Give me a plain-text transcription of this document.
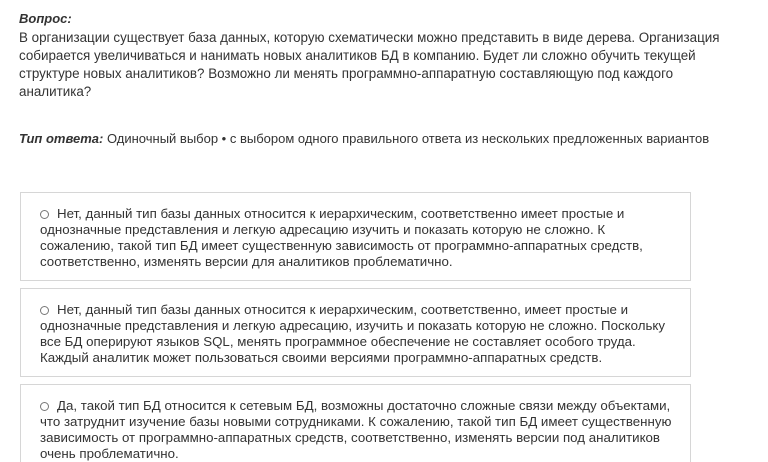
Вопрос:
В организации существует база данных, которую схематически можно представить в виде дерева. Организация собирается увеличиваться и нанимать новых аналитиков БД в компанию. Будет ли сложно обучить текущей структуре новых аналитиков? Возможно ли менять программно-аппаратную составляющую под каждого аналитика?
Тип ответа: Одиночный выбор • с выбором одного правильного ответа из нескольких предложенных вариантов
Нет, данный тип базы данных относится к иерархическим, соответственно имеет простые и однозначные представления и легкую адресацию изучить и показать которую не сложно. К сожалению, такой тип БД имеет существенную зависимость от программно-аппаратных средств, соответственно, изменять версии для аналитиков проблематично.
Нет, данный тип базы данных относится к иерархическим, соответственно, имеет простые и однозначные представления и легкую адресацию, изучить и показать которую не сложно. Поскольку все БД оперируют языков SQL, менять программное обеспечение не составляет особого труда. Каждый аналитик может пользоваться своими версиями программно-аппаратных средств.
Да, такой тип БД относится к сетевым БД, возможны достаточно сложные связи между объектами, что затруднит изучение базы новыми сотрудниками. К сожалению, такой тип БД имеет существенную зависимость от программно-аппаратных средств, соответственно, изменять версии под аналитиков очень проблематично.
